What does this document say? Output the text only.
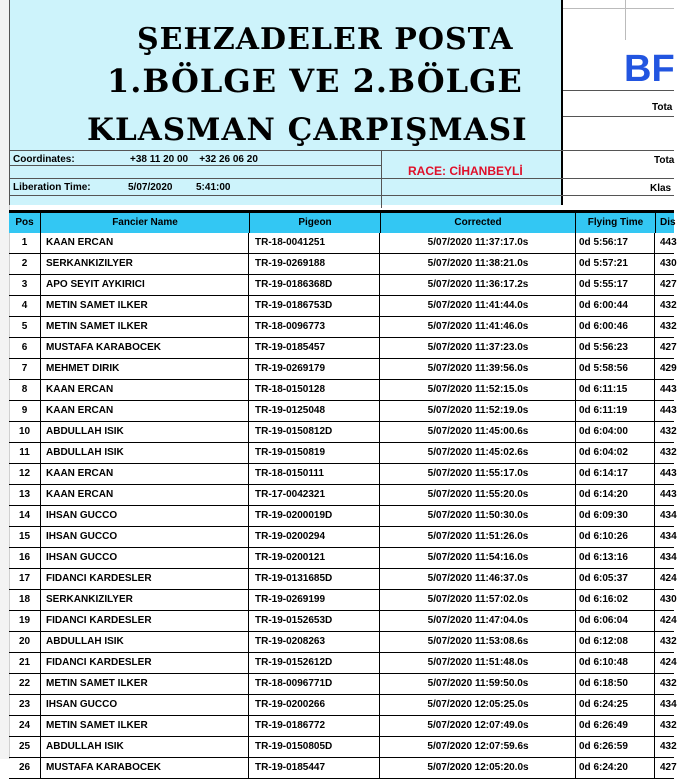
ŞEHZADELER POSTA
1.BÖLGE VE 2.BÖLGE
KLASMAN ÇARPIŞMASI
Coordinates:	+38 11 20 00    +32 26 06 20
Liberation Time:	5/07/2020 5:41:00
RACE: CİHANBEYLİ
BF
Tota
Tota
Klas
Pos	Fancier Name	Pigeon	Corrected	Flying Time	Dis
1	KAAN ERCAN	TR-18-0041251	5/07/2020 11:37:17.0s	0d 5:56:17	443
2	SERKANKIZILYER	TR-19-0269188	5/07/2020 11:38:21.0s	0d 5:57:21	430
3	APO SEYIT AYKIRICI	TR-19-0186368D	5/07/2020 11:36:17.2s	0d 5:55:17	427
4	METIN SAMET ILKER	TR-19-0186753D	5/07/2020 11:41:44.0s	0d 6:00:44	432
5	METIN SAMET ILKER	TR-18-0096773	5/07/2020 11:41:46.0s	0d 6:00:46	432
6	MUSTAFA KARABOCEK	TR-19-0185457	5/07/2020 11:37:23.0s	0d 5:56:23	427
7	MEHMET DIRIK	TR-19-0269179	5/07/2020 11:39:56.0s	0d 5:58:56	429
8	KAAN ERCAN	TR-18-0150128	5/07/2020 11:52:15.0s	0d 6:11:15	443
9	KAAN ERCAN	TR-19-0125048	5/07/2020 11:52:19.0s	0d 6:11:19	443
10	ABDULLAH ISIK	TR-19-0150812D	5/07/2020 11:45:00.6s	0d 6:04:00	432
11	ABDULLAH ISIK	TR-19-0150819	5/07/2020 11:45:02.6s	0d 6:04:02	432
12	KAAN ERCAN	TR-18-0150111	5/07/2020 11:55:17.0s	0d 6:14:17	443
13	KAAN ERCAN	TR-17-0042321	5/07/2020 11:55:20.0s	0d 6:14:20	443
14	IHSAN GUCCO	TR-19-0200019D	5/07/2020 11:50:30.0s	0d 6:09:30	434
15	IHSAN GUCCO	TR-19-0200294	5/07/2020 11:51:26.0s	0d 6:10:26	434
16	IHSAN GUCCO	TR-19-0200121	5/07/2020 11:54:16.0s	0d 6:13:16	434
17	FIDANCI KARDESLER	TR-19-0131685D	5/07/2020 11:46:37.0s	0d 6:05:37	424
18	SERKANKIZILYER	TR-19-0269199	5/07/2020 11:57:02.0s	0d 6:16:02	430
19	FIDANCI KARDESLER	TR-19-0152653D	5/07/2020 11:47:04.0s	0d 6:06:04	424
20	ABDULLAH ISIK	TR-19-0208263	5/07/2020 11:53:08.6s	0d 6:12:08	432
21	FIDANCI KARDESLER	TR-19-0152612D	5/07/2020 11:51:48.0s	0d 6:10:48	424
22	METIN SAMET ILKER	TR-18-0096771D	5/07/2020 11:59:50.0s	0d 6:18:50	432
23	IHSAN GUCCO	TR-19-0200266	5/07/2020 12:05:25.0s	0d 6:24:25	434
24	METIN SAMET ILKER	TR-19-0186772	5/07/2020 12:07:49.0s	0d 6:26:49	432
25	ABDULLAH ISIK	TR-19-0150805D	5/07/2020 12:07:59.6s	0d 6:26:59	432
26	MUSTAFA KARABOCEK	TR-19-0185447	5/07/2020 12:05:20.0s	0d 6:24:20	427
